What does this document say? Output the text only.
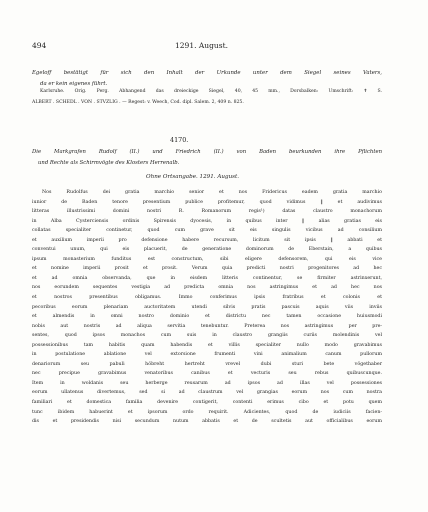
494	1291. August.
Egeloff bestätigt für sich den Inhalt der Urkunde unter dem Siegel seines Vaters,
da er kein eigenes führt.
Karlsruhe. Orig. Perg. Abhangend das dreieckige Siegel, 40, 45 mm., Dorsbalken: Umschrift: ✝ S.
ALBERT . SCHEDL . VON . STVZLIG . — Regest: v. Weech, Cod. dipl. Salem. 2, 409 n. 825.
4170.
Die Markgrafen Rudolf (II.) und Friedrich (II.) von Baden beurkunden ihre Pflichten
und Rechte als Schirmvögte des Klosters Herrenalb.
Ohne Ortsangabe. 1291. August.
Nos Rudolfus dei gratia marchio senior et nos Fridericus eadem gratia marchio
iunior de Baden tenore presentium publice profitemur, quod vidimus ‖ et audivimus
litteras illustrissimi domini nostri R. Romanorum regis¹) datas claustro monachorum
in Alba Cysterciensis ordinis Spirensis dyocesis, in quibus inter ‖ alias gratias eis
collatas specialiter continetur, quod cum grave sit eis singulis vicibus ad consilium
et auxilium imperii pro defensione habere recursum, licitum sit ipsis ‖ abbati et
conventui unum, qui eis placuerit, de generatione dominorum de Eberstain, a quibus
ipsum monasterium funditus est constructum, sibi eligere defensorem, qui eis vice
et nomine imperii prosit et prosit. Verum quia predicti nostri progenitores ad hec
et ad omnia observanda, que in eisdem litteris continentur, se firmiter astrinxerunt,
nos eorundem sequentes vestigia ad predicta omnia nos astringimus et ad hec nos
et nostros presentibus obligamus. Immo conferimus ipsis fratribus et colonis et
pecoribus eorum plenariam auctoritatem utendi silvis pratis pascuis aquis viis inviis
et almendis in omni nostro dominio et districtu nec tamen occasione huiusmodi
nobis aut nostris ad aliqua servitia tenebuntur. Preterea nos astringimus per pre-
sentes, quod ipsos monachos cum suis in claustro grangiis curiis molendinis vel
possessionibus tam habitis quam habendis et villis specialiter nullo modo gravabimus
in postulatione ablatione vel extorsione frumenti vini animalium canum pullorum
denariorum seu pabuli höbreht hertreht vrevel dubi sturi bete vögethaber
nec precipue gravabimus venatoribus canibus et vecturis seu rebus quibuscunque.
Item in woldanis seu herberge reusarum ad ipsos ad illas vel possessiones
eorum ullatenus divertemus, sed si ad claustrum vel grangias eorum nos cum nostra
familiari et domestica familia devenire contigerit, contenti erimus cibo et potu quem
tunc ibidem habuerint et ipsorum ordo requirit. Adicientes, quod de iudiciis facien-
dis et presidendis nisi secundum nutum abbatis et de scultetis aut officialibus eorum
